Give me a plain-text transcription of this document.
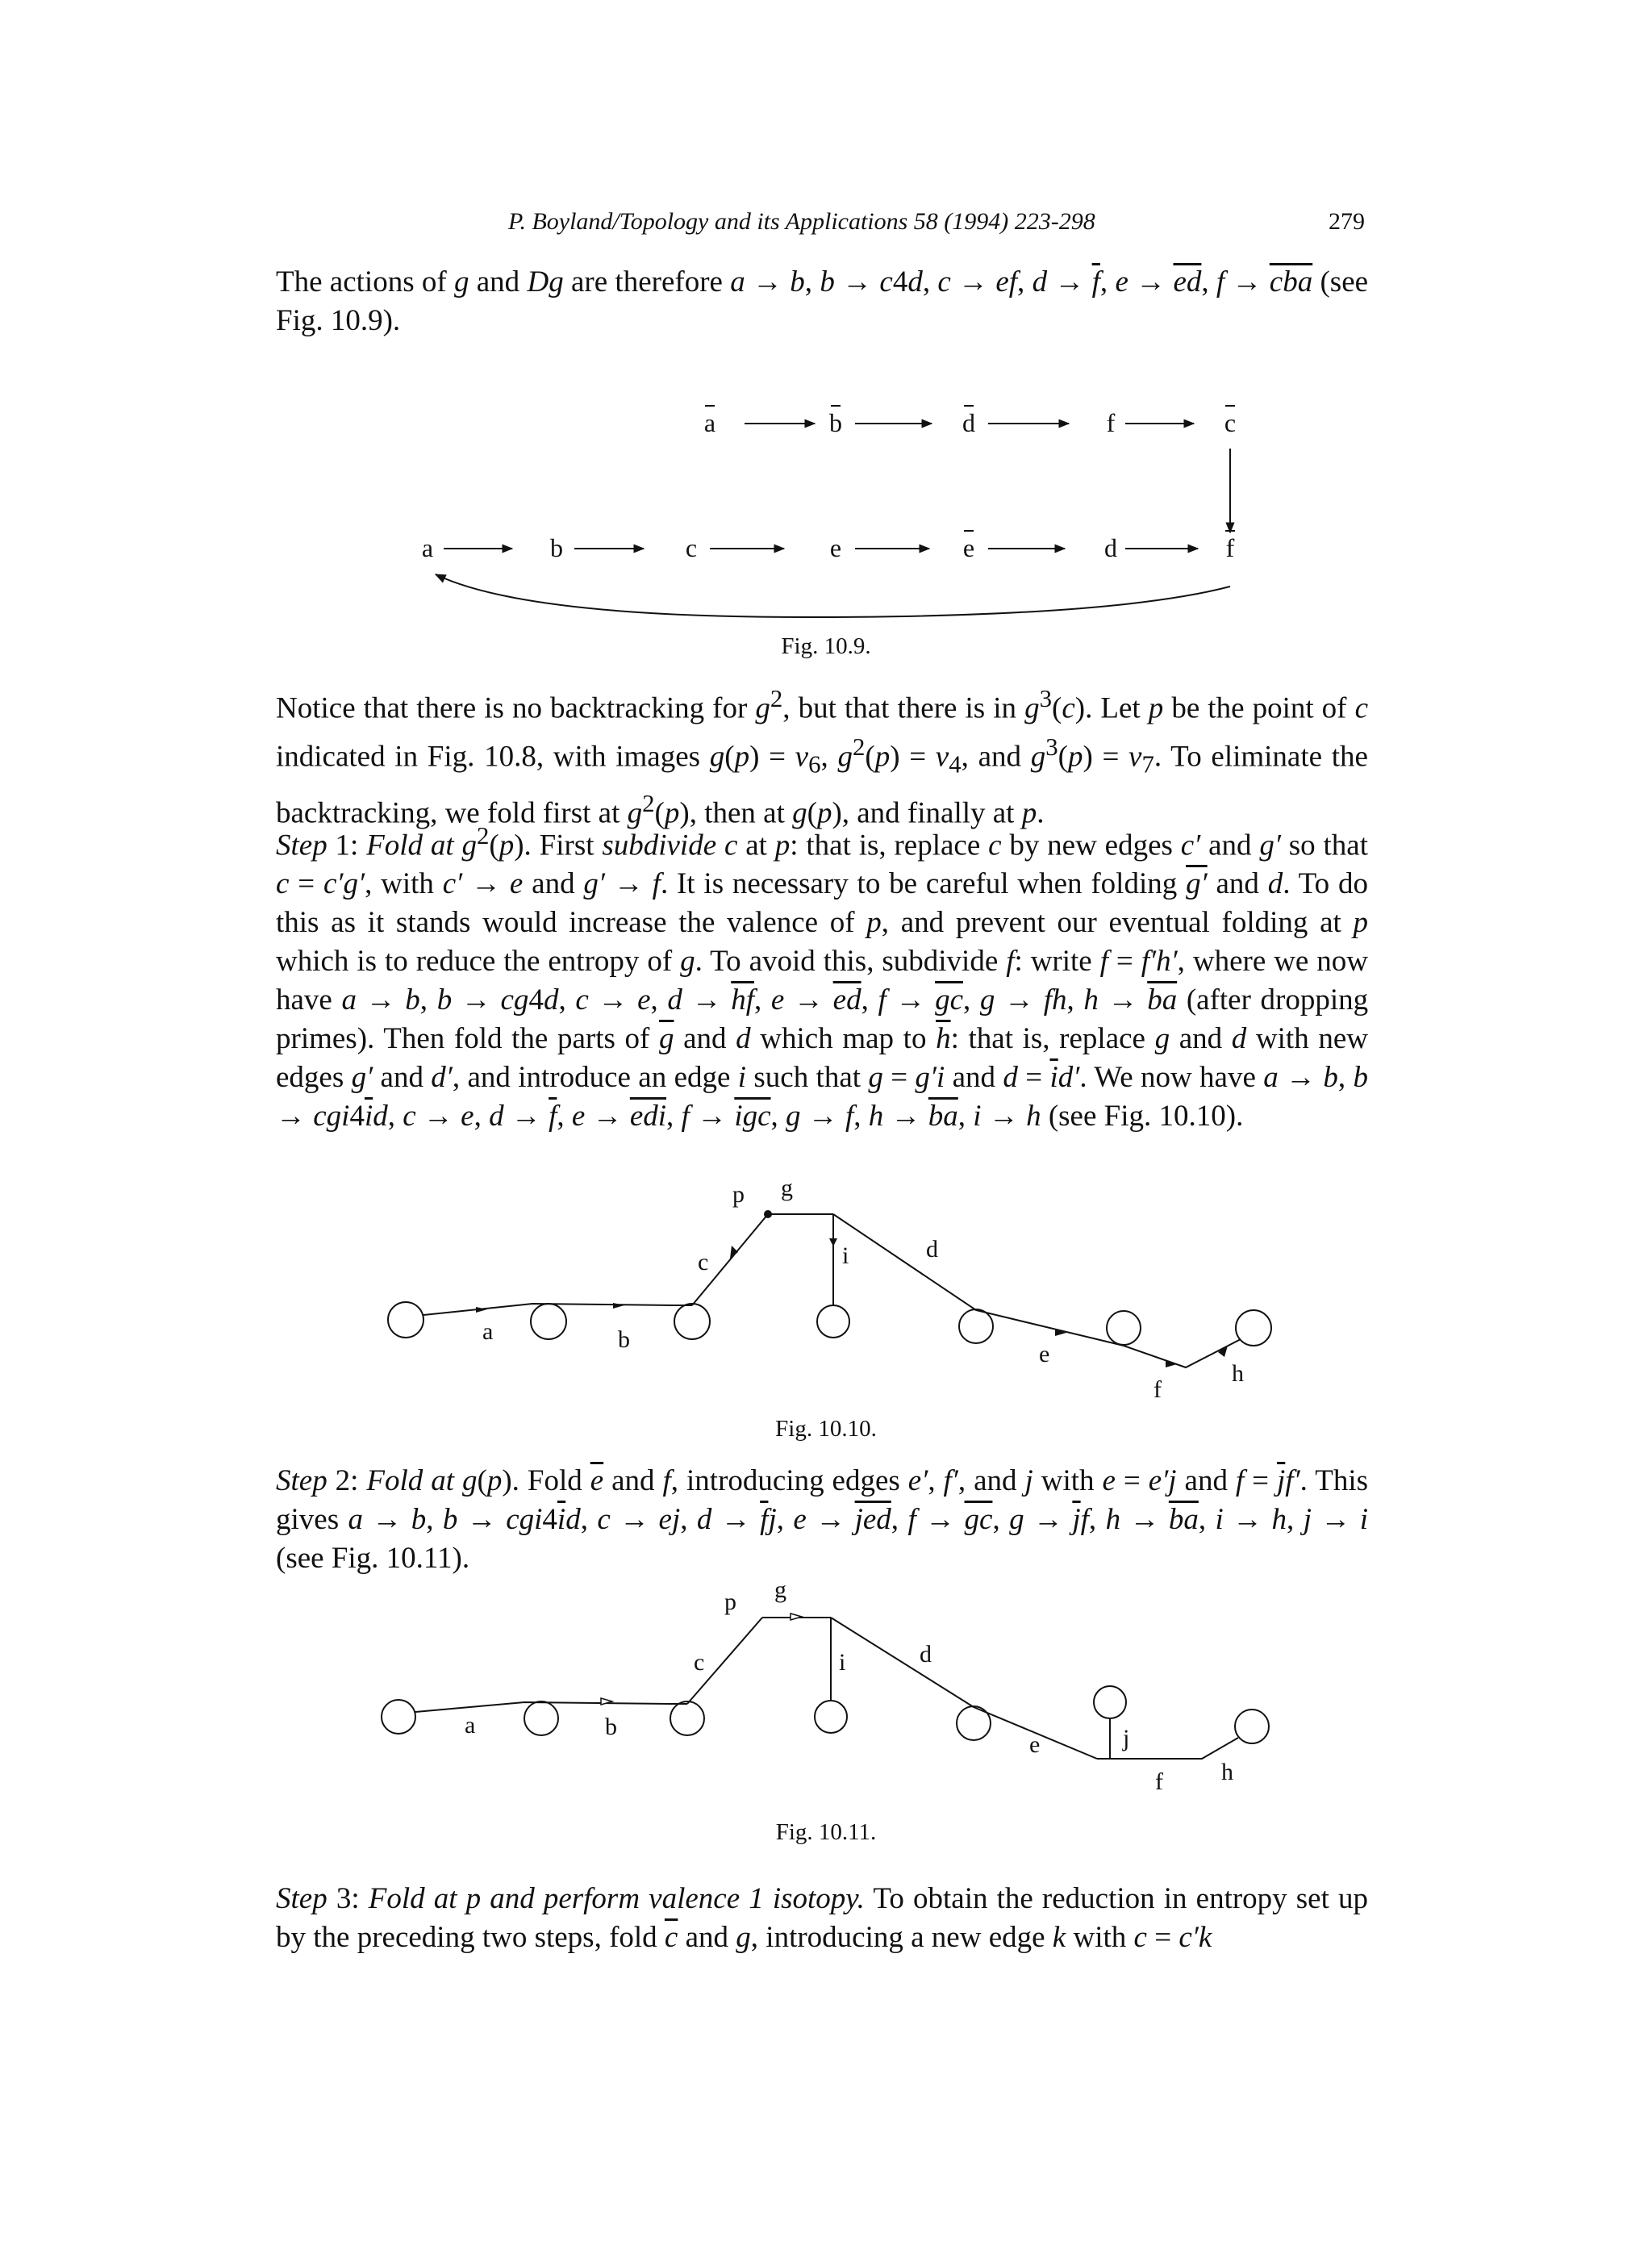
P. Boyland/Topology and its Applications 58 (1994) 223-298	279
The actions of g and Dg are therefore a → b, b → c4d, c → ef, $d \to \overline{f}$, $e \to \overline{ed}$, $f \to \overline{cba}$ (see Fig. 10.9).
a	b	d	f	c
a	b	c	e	e	d	f
Fig. 10.9.
Notice that there is no backtracking for $g^2$, but that there is in $g^3(c)$. Let p be the point of c indicated in Fig. 10.8, with images $g(p) = v_6$, $g^2(p) = v_4$, and $g^3(p) = v_7$. To eliminate the backtracking, we fold first at $g^2(p)$, then at g(p), and finally at p.
Step 1: Fold at $g^2(p)$. First subdivide c at p: that is, replace c by new edges c′ and g′ so that c = c′g′, with c′ → e and g′ → f. It is necessary to be careful when folding g′ and d. To do this as it stands would increase the valence of p, and prevent our eventual folding at p which is to reduce the entropy of g. To avoid this, subdivide f: write f = f′h′, where we now have a → b, b → cg4d, c → e, $d \to \overline{hf}$, $e \to \overline{ed}$, $f \to \overline{gc}$, g → fh, $h \to \overline{ba}$ (after dropping primes). Then fold the parts of $\overline{g}$ and d which map to $\overline{h}$: that is, replace g and d with new edges g′ and d′, and introduce an edge i such that g = g′i and $d = \overline{i}d'$. We now have a → b, $b \to cgi4\overline{i}d$, c → e, $d \to \overline{f}$, $e \to \overline{edi}$, $f \to \overline{igc}$, g → f, $h \to \overline{ba}$, i → h (see Fig. 10.10).
a	b
c
p g
i	d
e
f
h
Fig. 10.10.
Step 2: Fold at g(p). Fold $\overline{e}$ and f, introducing edges e′, f′, and j with e = e′j and $f = \overline{j}f'$. This gives a → b, $b \to cgi4\overline{i}d$, c → ej, $d \to \overline{f}j$, $e \to \overline{jed}$, $f \to \overline{gc}$, $g \to \overline{j}f$, $h \to \overline{ba}$, i → h, j → i (see Fig. 10.11).
a	b
c
p g
i	d
e	j
f h
Fig. 10.11.
Step 3: Fold at p and perform valence 1 isotopy. To obtain the reduction in entropy set up by the preceding two steps, fold $\overline{c}$ and g, introducing a new edge k with c = c′k
